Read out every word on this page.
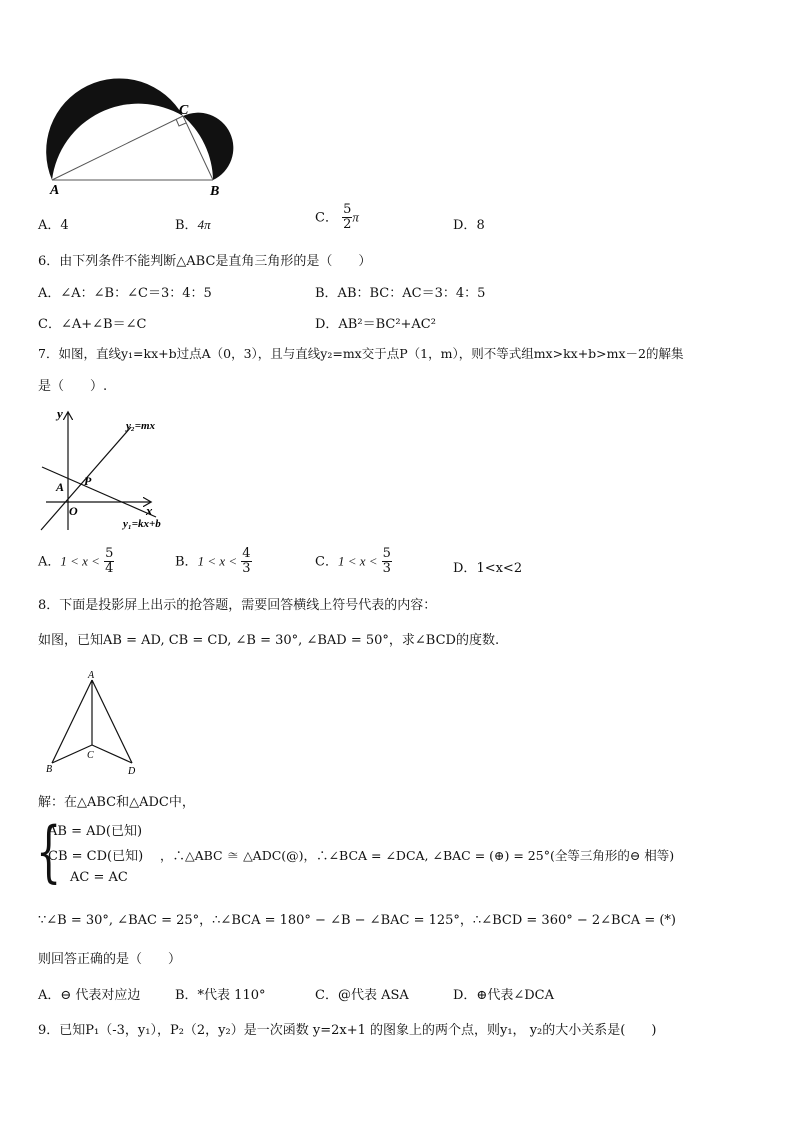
A	B
C
A．4	B．4π	C． $\frac{5}{2}$ π
D．8
6．由下列条件不能判断△ABC是直角三角形的是（　　）
A．∠A：∠B：∠C＝3：4：5	B．AB：BC：AC＝3：4：5
C．∠A+∠B＝∠C	D．AB²＝BC²+AC²
7．如图，直线y₁=kx+b过点A（0，3），且与直线y₂=mx交于点P（1，m），则不等式组mx>kx+b>mx－2的解集
是（　　）.
y
x
O
A P
y₂=mx
y₁=kx+b
A．$1 < x < \frac{5}{4}$	B．$1 < x < \frac{4}{3}$	C．$1 < x < \frac{5}{3}$	D．1<x<2
8．下面是投影屏上出示的抢答题，需要回答横线上符号代表的内容：
如图，已知AB = AD, CB = CD, ∠B = 30°, ∠BAD = 50°，求∠BCD的度数.
A
B
C
D
解：在△ABC和△ADC中，
{
AB = AD(已知)
CB = CD(已知)
AC = AC
，∴△ABC ≅ △ADC(@)，∴∠BCA = ∠DCA, ∠BAC = (⊕) = 25°(全等三角形的⊖ 相等)
∵∠B = 30°, ∠BAC = 25°，∴∠BCA = 180° − ∠B − ∠BAC = 125°，∴∠BCD = 360° − 2∠BCA = (*)
则回答正确的是（　　）
A．⊖ 代表对应边	B．*代表 110°	C．@代表 ASA	D．⊕代表∠DCA
9．已知P₁（-3，y₁），P₂（2，y₂）是一次函数 y=2x+1 的图象上的两个点，则y₁， y₂的大小关系是(　　)
